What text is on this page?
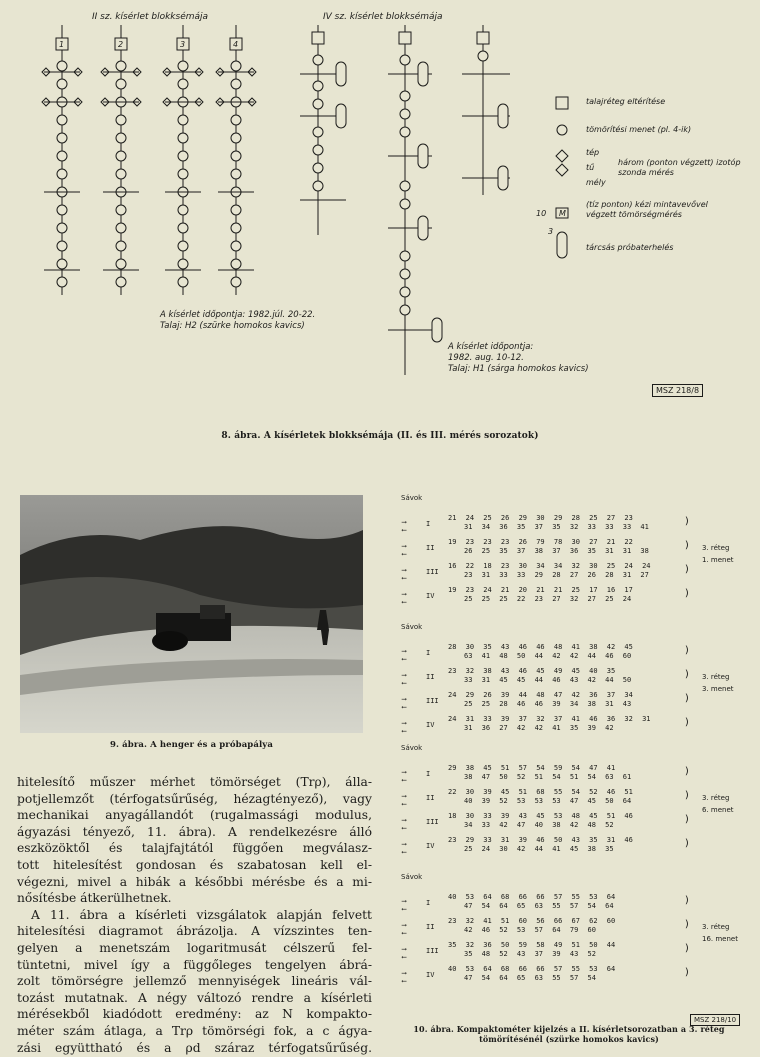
II sz. kísérlet blokksémája	IV sz. kísérlet blokksémája
1	2	3	4
10 M
3
talajréteg eltérítése
tömörítési menet (pl. 4-ik)
tép
tű
mély
három (ponton végzett) izotóp szonda mérés
(tíz ponton) kézi mintavevővel végzett tömörségmérés
tárcsás próbaterhelés
A kísérlet időpontja: 1982.júl. 20-22.
Talaj: H2 (szürke homokos kavics)
A kísérlet időpontja:
1982. aug. 10-12.
Talaj: H1 (sárga homokos kavics)
MSZ 218/8
8. ábra. A kísérletek blokksémája (II. és III. mérés sorozatok)
9. ábra. A henger és a próbapálya
hitelesítő műszer mérhet tömörséget (Trρ), álla-
potjellemzőt (térfogatsűrűség, hézagtényező), vagy
mechanikai anyagállandót (rugalmassági modulus,
ágyazási tényező, 11. ábra). A rendelkezésre álló
eszközöktől és talajfajtától függően megválasz-
tott hitelesítést gondosan és szabatosan kell el-
végezni, mivel a hibák a későbbi mérésbe és a mi-
nősítésbe átkerülhetnek.
A 11. ábra a kísérleti vizsgálatok alapján felvett
hitelesítési diagramot ábrázolja. A vízszintes ten-
gelyen a menetszám logaritmusát célszerű fel-
tüntetni, mivel így a függőleges tengelyen ábrá-
zolt tömörségre jellemző mennyiségek lineáris vál-
tozást mutatnak. A négy változó rendre a kísérleti
mérésekből kiadódott eredmény: az N kompakto-
méter szám átlaga, a Trρ tömörségi fok, a c ágya-
zási együttható és a ρd száraz térfogatsűrűség.
Sávok
I
⟶
⟵
21 24 25 26 29 30 29 28 25 27 23
31 34 36 35 37 35 32 33 33 33 41	)
II
⟶
⟵
19 23 23 23 26 79 78 30 27 21 22
26 25 35 37 38 37 36 35 31 31 38	)
III
⟶
⟵
16 22 18 23 30 34 34 32 30 25 24 24
23 31 33 33 29 28 27 26 28 31 27	)
IV
⟶
⟵
19 23 24 21 20 21 21 25 17 16 17
25 25 25 22 23 27 32 27 25 24	)
3. réteg
1. menet
Sávok
I
⟶
⟵
28 30 35 43 46 46 48 41 38 42 45
63 41 48 50 44 42 42 44 46 60	)
II
⟶
⟵
23 32 38 43 46 45 49 45 40 35
33 31 45 45 44 46 43 42 44 50	)
III
⟶
⟵
24 29 26 39 44 48 47 42 36 37 34
25 25 28 46 46 39 34 38 31 43	)
IV
⟶
⟵
24 31 33 39 37 32 37 41 46 36 32 31
31 36 27 42 42 41 35 39 42	)
3. réteg
3. menet
Sávok
I
⟶
⟵
29 38 45 51 57 54 59 54 47 41
38 47 50 52 51 54 51 54 63 61	)
II
⟶
⟵
22 30 39 45 51 68 55 54 52 46 51
40 39 52 53 53 53 47 45 50 64	)
III
⟶
⟵
18 30 33 39 43 45 53 48 45 51 46
34 33 42 47 40 38 42 48 52	)
IV
⟶
⟵
23 29 33 31 39 46 50 43 35 31 46
25 24 30 42 44 41 45 38 35	)
3. réteg
6. menet
Sávok
I
⟶
⟵
40 53 64 68 66 66 57 55 53 64
47 54 64 65 63 55 57 54 64	)
II
⟶
⟵
23 32 41 51 60 56 66 67 62 60
42 46 52 53 57 64 79 60	)
III
⟶
⟵
35 32 36 50 59 58 49 51 50 44
35 48 52 43 37 39 43 52	)
IV
⟶
⟵
40 53 64 68 66 66 57 55 53 64
47 54 64 65 63 55 57 54	)
3. réteg
16. menet
MSZ 218/10
10. ábra. Kompaktométer kijelzés a II. kísérletsorozatban a 3. réteg
tömörítésénél (szürke homokos kavics)
